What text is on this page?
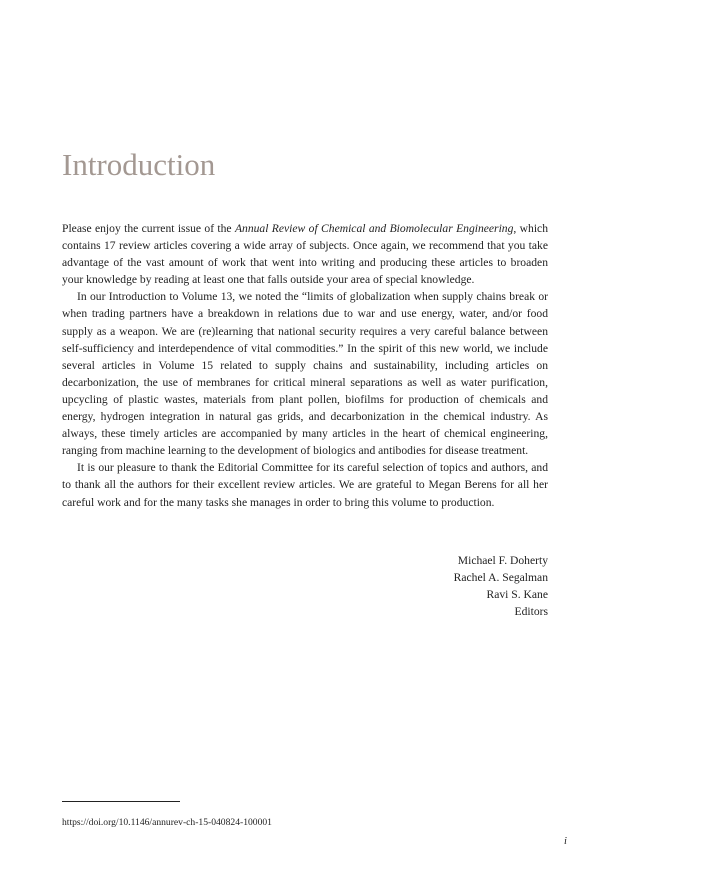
Introduction

Please enjoy the current issue of the Annual Review of Chemical and Biomolecular Engineering, which contains 17 review articles covering a wide array of subjects. Once again, we recommend that you take advantage of the vast amount of work that went into writing and producing these articles to broaden your knowledge by reading at least one that falls outside your area of special knowledge.

In our Introduction to Volume 13, we noted the “limits of globalization when supply chains break or when trading partners have a breakdown in relations due to war and use energy, water, and/or food supply as a weapon. We are (re)learning that national security requires a very careful balance between self-sufficiency and interdependence of vital commodities.” In the spirit of this new world, we include several articles in Volume 15 related to supply chains and sustainability, including articles on decarbonization, the use of membranes for critical mineral separations as well as water purification, upcycling of plastic wastes, materials from plant pollen, biofilms for production of chemicals and energy, hydrogen integration in natural gas grids, and decarbonization in the chemical industry. As always, these timely articles are accompanied by many articles in the heart of chemical engineering, ranging from machine learning to the development of biologics and antibodies for disease treatment.

It is our pleasure to thank the Editorial Committee for its careful selection of topics and authors, and to thank all the authors for their excellent review articles. We are grateful to Megan Berens for all her careful work and for the many tasks she manages in order to bring this volume to production.

Michael F. Doherty
Rachel A. Segalman
Ravi S. Kane
Editors
https://doi.org/10.1146/annurev-ch-15-040824-100001
i
